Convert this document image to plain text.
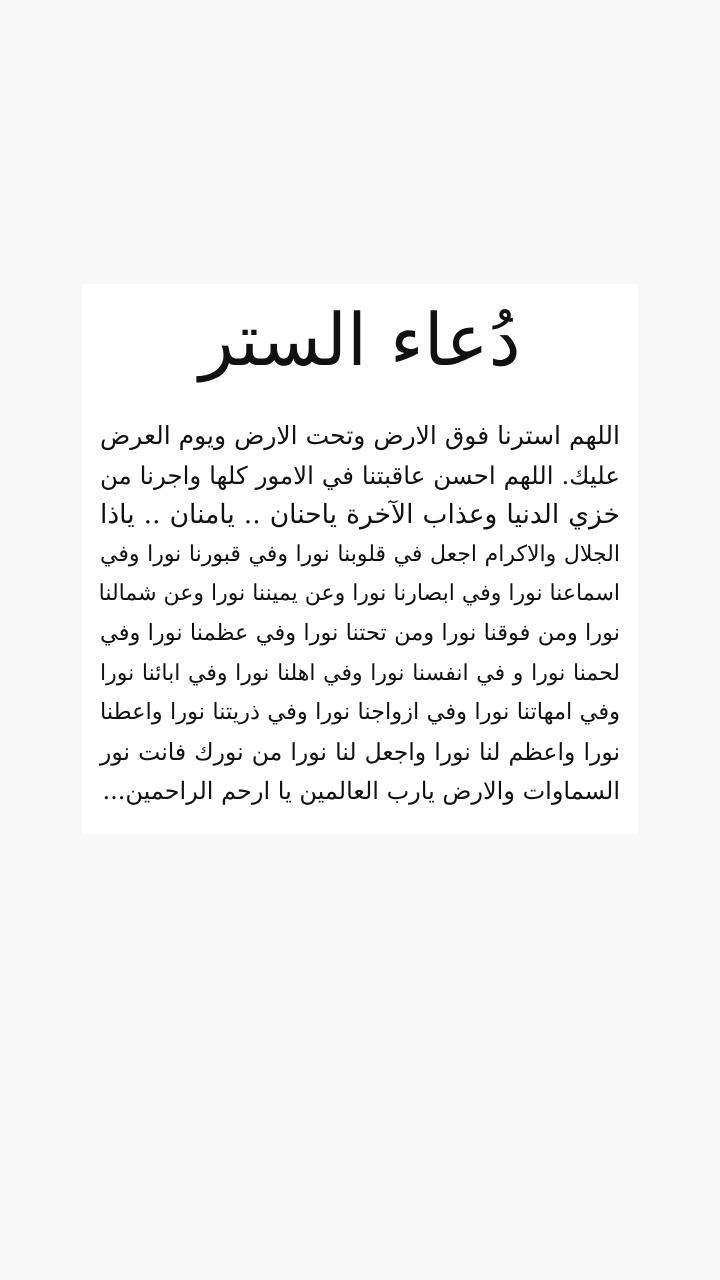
دُعاء الستر
اللهم استرنا فوق الارض وتحت الارض ويوم العرض
عليك. اللهم احسن عاقبتنا في الامور كلها واجرنا من
خزي الدنيا وعذاب الآخرة ياحنان .. يامنان .. ياذا
الجلال والاكرام اجعل في قلوبنا نورا وفي قبورنا نورا وفي
اسماعنا نورا وفي ابصارنا نورا وعن يميننا نورا وعن شمالنا
نورا ومن فوقنا نورا ومن تحتنا نورا وفي عظمنا نورا وفي
لحمنا نورا و في انفسنا نورا وفي اهلنا نورا وفي ابائنا نورا
وفي امهاتنا نورا وفي ازواجنا نورا وفي ذريتنا نورا واعطنا
نورا واعظم لنا نورا واجعل لنا نورا من نورك فانت نور
السماوات والارض يارب العالمين يا ارحم الراحمين...
